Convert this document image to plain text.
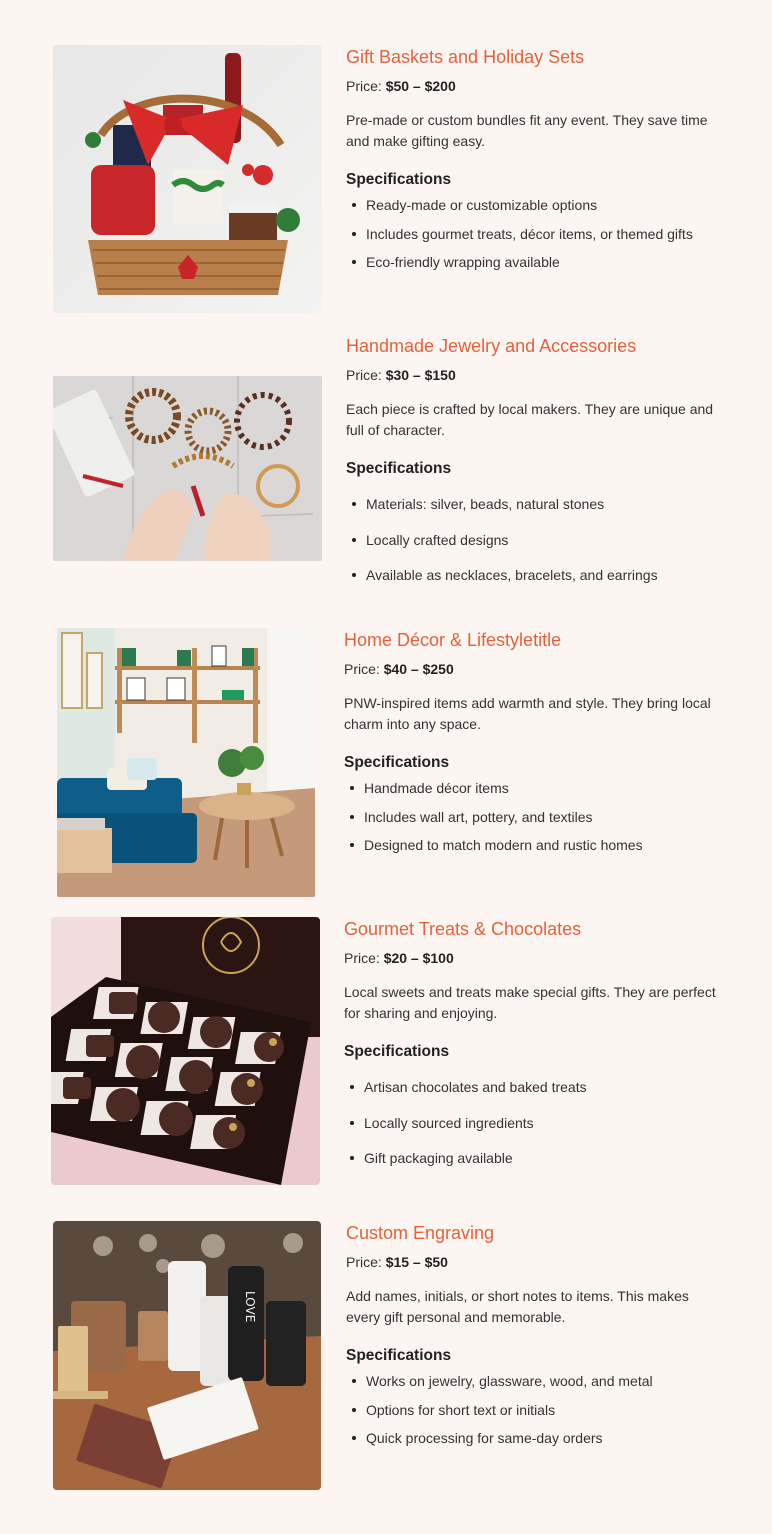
Gift Baskets and Holiday Sets

Price: $50 – $200

Pre-made or custom bundles fit any event. They save time and make gifting easy.

Specifications
Ready-made or customizable options
Includes gourmet treats, décor items, or themed gifts
Eco-friendly wrapping available
Handmade Jewelry and Accessories

Price: $30 – $150

Each piece is crafted by local makers. They are unique and full of character.

Specifications
Materials: silver, beads, natural stones
Locally crafted designs
Available as necklaces, bracelets, and earrings
Home Décor & Lifestyletitle

Price: $40 – $250

PNW-inspired items add warmth and style. They bring local charm into any space.

Specifications
Handmade décor items
Includes wall art, pottery, and textiles
Designed to match modern and rustic homes
Gourmet Treats & Chocolates

Price: $20 – $100

Local sweets and treats make special gifts. They are perfect for sharing and enjoying.

Specifications
Artisan chocolates and baked treats
Locally sourced ingredients
Gift packaging available
LOVE
Custom Engraving

Price: $15 – $50

Add names, initials, or short notes to items. This makes every gift personal and memorable.

Specifications
Works on jewelry, glassware, wood, and metal
Options for short text or initials
Quick processing for same-day orders
